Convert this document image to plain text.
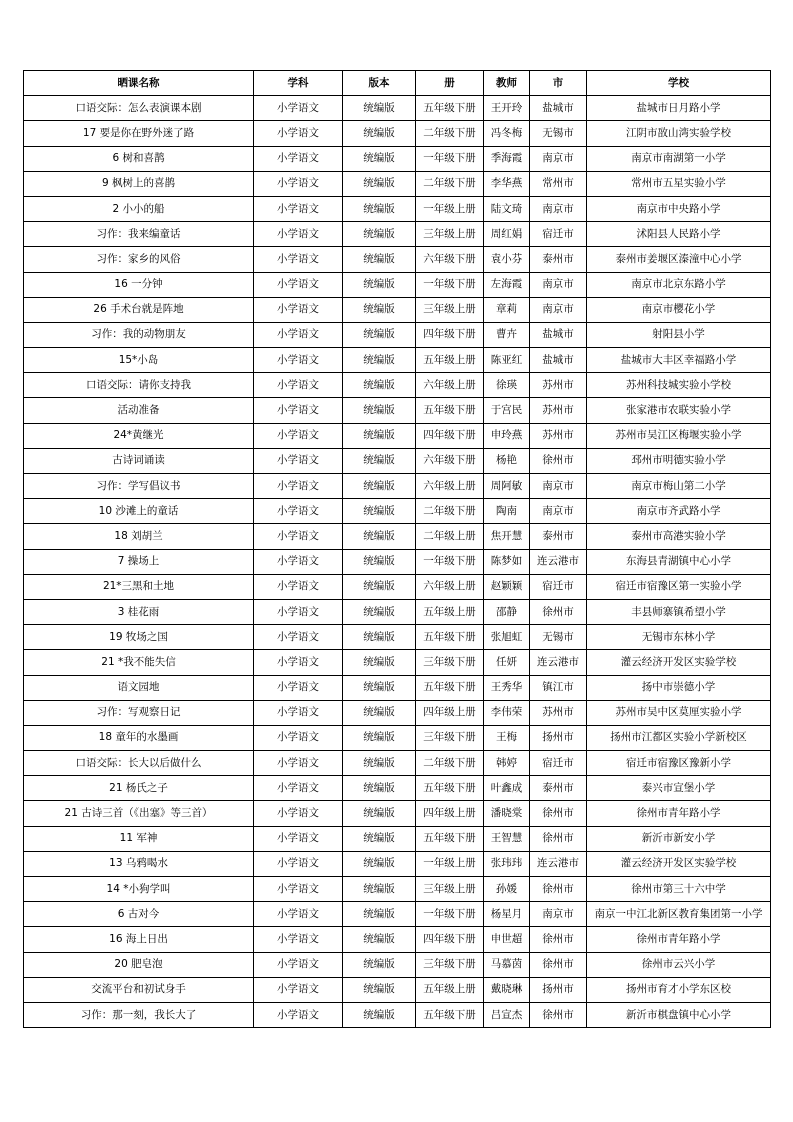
晒课名称	学科	版本	册	教师	市	学校
口语交际：怎么表演课本剧	小学语文	统编版	五年级下册	王开玲	盐城市	盐城市日月路小学
17 要是你在野外迷了路	小学语文	统编版	二年级下册	冯冬梅	无锡市	江阴市敔山湾实验学校
6 树和喜鹊	小学语文	统编版	一年级下册	季海霞	南京市	南京市南湖第一小学
9 枫树上的喜鹊	小学语文	统编版	二年级下册	李华燕	常州市	常州市五星实验小学
2 小小的船	小学语文	统编版	一年级上册	陆文琦	南京市	南京市中央路小学
习作：我来编童话	小学语文	统编版	三年级上册	周红娟	宿迁市	沭阳县人民路小学
习作：家乡的风俗	小学语文	统编版	六年级下册	袁小芬	泰州市	泰州市姜堰区溱潼中心小学
16 一分钟	小学语文	统编版	一年级下册	左海霞	南京市	南京市北京东路小学
26 手术台就是阵地	小学语文	统编版	三年级上册	章莉	南京市	南京市樱花小学
习作：我的动物朋友	小学语文	统编版	四年级下册	曹卉	盐城市	射阳县小学
15*小岛	小学语文	统编版	五年级上册	陈亚红	盐城市	盐城市大丰区幸福路小学
口语交际：请你支持我	小学语文	统编版	六年级上册	徐瑛	苏州市	苏州科技城实验小学校
活动准备	小学语文	统编版	五年级下册	于宫民	苏州市	张家港市农联实验小学
24*黄继光	小学语文	统编版	四年级下册	申玲燕	苏州市	苏州市吴江区梅堰实验小学
古诗词诵读	小学语文	统编版	六年级下册	杨艳	徐州市	邳州市明德实验小学
习作：学写倡议书	小学语文	统编版	六年级上册	周阿敏	南京市	南京市梅山第二小学
10 沙滩上的童话	小学语文	统编版	二年级下册	陶南	南京市	南京市齐武路小学
18 刘胡兰	小学语文	统编版	二年级上册	焦开慧	泰州市	泰州市高港实验小学
7 操场上	小学语文	统编版	一年级下册	陈梦如	连云港市	东海县青湖镇中心小学
21*三黑和土地	小学语文	统编版	六年级上册	赵颖颖	宿迁市	宿迁市宿豫区第一实验小学
3 桂花雨	小学语文	统编版	五年级上册	邵静	徐州市	丰县师寨镇希望小学
19 牧场之国	小学语文	统编版	五年级下册	张旭虹	无锡市	无锡市东林小学
21 *我不能失信	小学语文	统编版	三年级下册	任妍	连云港市	灌云经济开发区实验学校
语文园地	小学语文	统编版	五年级下册	王秀华	镇江市	扬中市崇德小学
习作：写观察日记	小学语文	统编版	四年级上册	李伟荣	苏州市	苏州市吴中区莫厘实验小学
18 童年的水墨画	小学语文	统编版	三年级下册	王梅	扬州市	扬州市江都区实验小学新校区
口语交际：长大以后做什么	小学语文	统编版	二年级下册	韩婷	宿迁市	宿迁市宿豫区豫新小学
21 杨氏之子	小学语文	统编版	五年级下册	叶鑫成	泰州市	泰兴市宣堡小学
21 古诗三首（《出塞》等三首）	小学语文	统编版	四年级上册	潘晓棠	徐州市	徐州市青年路小学
11 军神	小学语文	统编版	五年级下册	王智慧	徐州市	新沂市新安小学
13 乌鸦喝水	小学语文	统编版	一年级上册	张玮玮	连云港市	灌云经济开发区实验学校
14 *小狗学叫	小学语文	统编版	三年级上册	孙媛	徐州市	徐州市第三十六中学
6 古对今	小学语文	统编版	一年级下册	杨星月	南京市	南京一中江北新区教育集团第一小学
16 海上日出	小学语文	统编版	四年级下册	申世超	徐州市	徐州市青年路小学
20 肥皂泡	小学语文	统编版	三年级下册	马慕茵	徐州市	徐州市云兴小学
交流平台和初试身手	小学语文	统编版	五年级上册	戴晓琳	扬州市	扬州市育才小学东区校
习作：那一刻，我长大了	小学语文	统编版	五年级下册	吕宣杰	徐州市	新沂市棋盘镇中心小学
